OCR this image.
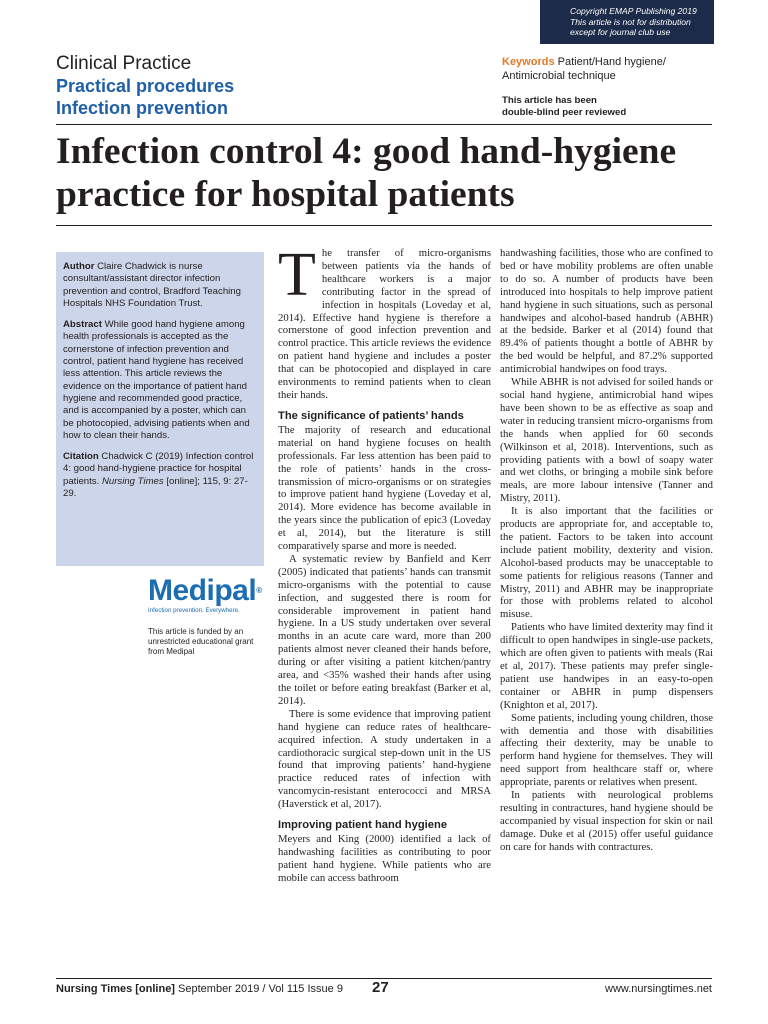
Copyright EMAP Publishing 2019
This article is not for distribution
except for journal club use
Clinical Practice
Practical procedures
Infection prevention
Keywords Patient/Hand hygiene/ Antimicrobial technique
This article has been
double-blind peer reviewed
Infection control 4: good hand-hygiene practice for hospital patients

Author Claire Chadwick is nurse consultant/assistant director infection prevention and control, Bradford Teaching Hospitals NHS Foundation Trust.

Abstract While good hand hygiene among health professionals is accepted as the cornerstone of infection prevention and control, patient hand hygiene has received less attention. This article reviews the evidence on the importance of patient hand hygiene and recommended good practice, and is accompanied by a poster, which can be photocopied, advising patients when and how to clean their hands.

Citation Chadwick C (2019) Infection control 4: good hand-hygiene practice for hospital patients. Nursing Times [online]; 115, 9: 27-29.

Medipal®
Infection prevention. Everywhere.
This article is funded by an unrestricted educational grant from Medipal

The transfer of micro-organisms between patients via the hands of healthcare workers is a major contributing factor in the spread of infection in hospitals (Loveday et al, 2014). Effective hand hygiene is therefore a cornerstone of good infection prevention and control practice. This article reviews the evidence on patient hand hygiene and includes a poster that can be photocopied and displayed in care environments to remind patients when to clean their hands.

The significance of patients’ hands

The majority of research and educational material on hand hygiene focuses on health professionals. Far less attention has been paid to the role of patients’ hands in the cross-transmission of micro-organisms or on strategies to improve patient hand hygiene (Loveday et al, 2014). More evidence has become available in the years since the publication of epic3 (Loveday et al, 2014), but the literature is still comparatively sparse and more is needed.

A systematic review by Banfield and Kerr (2005) indicated that patients’ hands can transmit micro-organisms with the potential to cause infection, and suggested there is room for considerable improvement in patient hand hygiene. In a US study undertaken over several months in an acute care ward, more than 200 patients almost never cleaned their hands before, during or after visiting a patient kitchen/pantry area, and <35% washed their hands after using the toilet or before eating breakfast (Barker et al, 2014).

There is some evidence that improving patient hand hygiene can reduce rates of healthcare-acquired infection. A study undertaken in a cardiothoracic surgical step-down unit in the US found that improving patients’ hand-hygiene practice reduced rates of infection with vancomycin-resistant enterococci and MRSA (Haverstick et al, 2017).

Improving patient hand hygiene

Meyers and King (2000) identified a lack of handwashing facilities as contributing to poor patient hand hygiene. While patients who are mobile can access bathroom

handwashing facilities, those who are confined to bed or have mobility problems are often unable to do so. A number of products have been introduced into hospitals to help improve patient hand hygiene in such situations, such as personal handwipes and alcohol-based handrub (ABHR) at the bedside. Barker et al (2014) found that 89.4% of patients thought a bottle of ABHR by the bed would be helpful, and 87.2% supported antimicrobial handwipes on food trays.

While ABHR is not advised for soiled hands or social hand hygiene, antimicrobial hand wipes have been shown to be as effective as soap and water in reducing transient micro-organisms from the hands when applied for 60 seconds (Wilkinson et al, 2018). Interventions, such as providing patients with a bowl of soapy water and wet cloths, or bringing a mobile sink before meals, are more labour intensive (Tanner and Mistry, 2011).

It is also important that the facilities or products are appropriate for, and acceptable to, the patient. Factors to be taken into account include patient mobility, dexterity and vision. Alcohol-based products may be unacceptable to some patients for religious reasons (Tanner and Mistry, 2011) and ABHR may be inappropriate for those with problems related to alcohol misuse.

Patients who have limited dexterity may find it difficult to open handwipes in single-use packets, which are often given to patients with meals (Rai et al, 2017). These patients may prefer single-patient use handwipes in an easy-to-open container or ABHR in pump dispensers (Knighton et al, 2017).

Some patients, including young children, those with dementia and those with disabilities affecting their dexterity, may be unable to perform hand hygiene for themselves. They will need support from healthcare staff or, where appropriate, parents or relatives when present.

In patients with neurological problems resulting in contractures, hand hygiene should be accompanied by visual inspection for skin or nail damage. Duke et al (2015) offer useful guidance on care for hands with contractures.

Nursing Times [online] September 2019 / Vol 115 Issue 9 27	www.nursingtimes.net
